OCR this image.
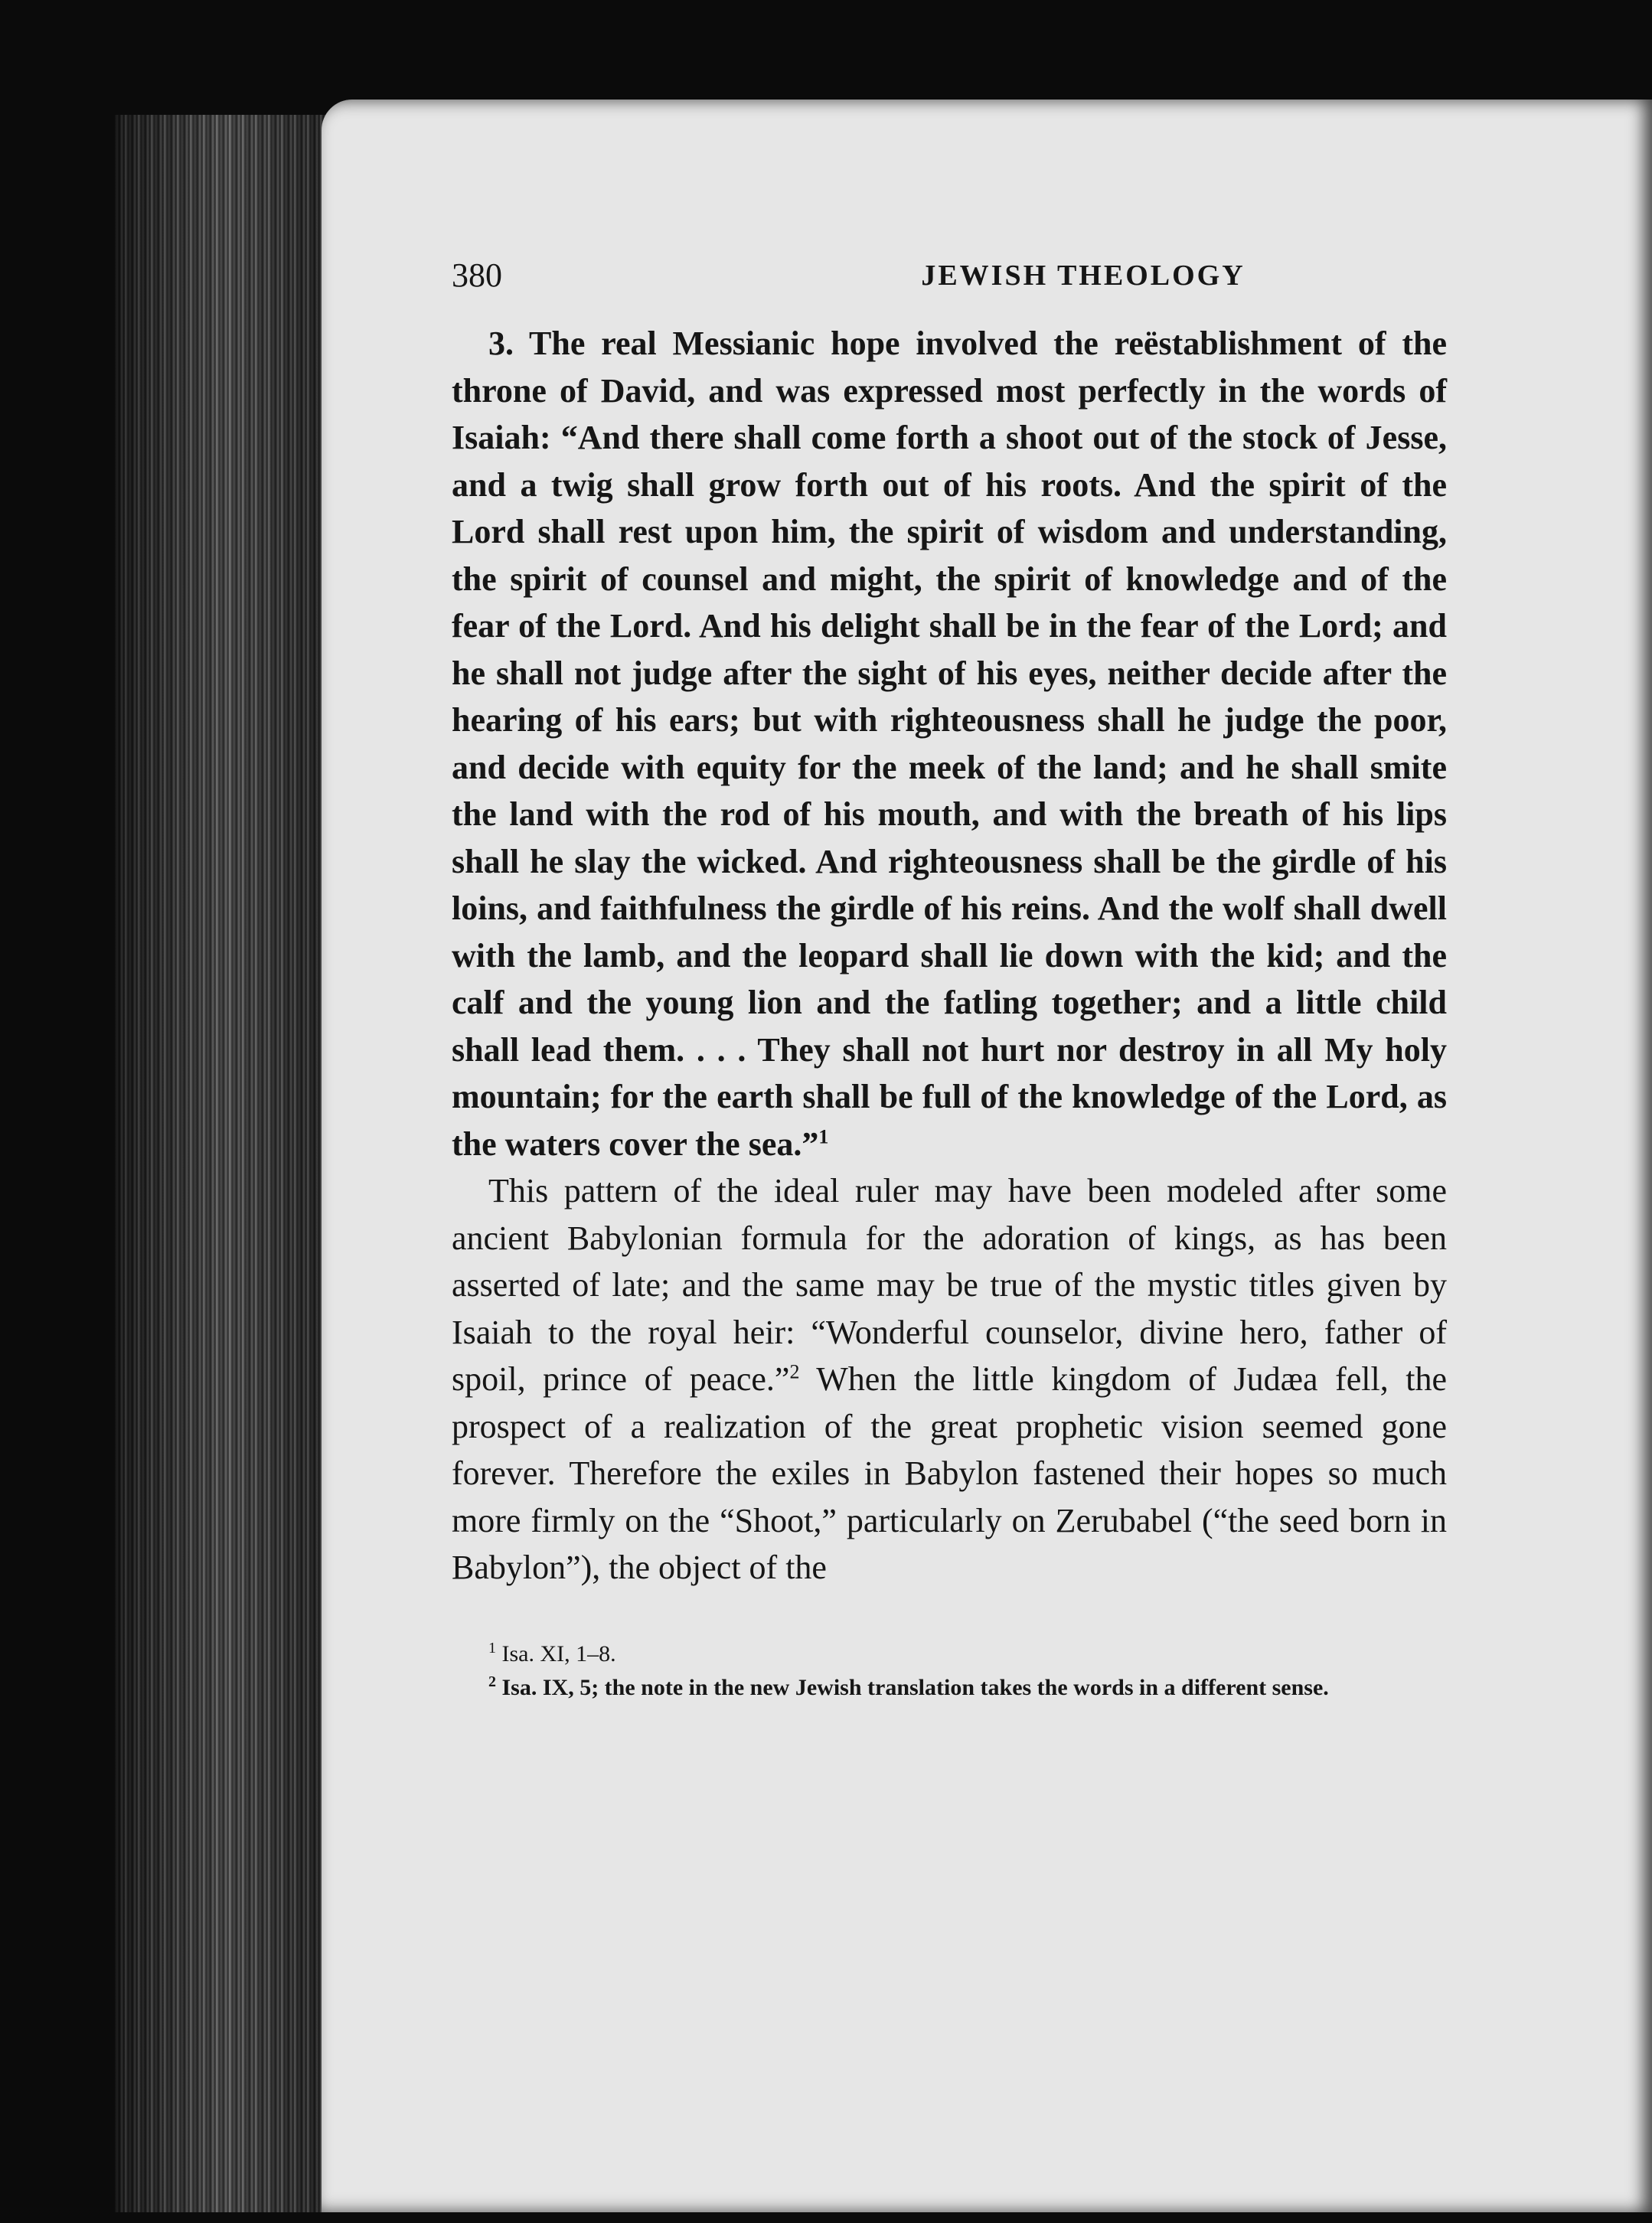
380	JEWISH THEOLOGY

3. The real Messianic hope involved the reëstablishment of the throne of David, and was expressed most perfectly in the words of Isaiah: “And there shall come forth a shoot out of the stock of Jesse, and a twig shall grow forth out of his roots. And the spirit of the Lord shall rest upon him, the spirit of wisdom and understanding, the spirit of counsel and might, the spirit of knowledge and of the fear of the Lord. And his delight shall be in the fear of the Lord; and he shall not judge after the sight of his eyes, neither decide after the hearing of his ears; but with righteousness shall he judge the poor, and decide with equity for the meek of the land; and he shall smite the land with the rod of his mouth, and with the breath of his lips shall he slay the wicked. And righteousness shall be the girdle of his loins, and faithfulness the girdle of his reins. And the wolf shall dwell with the lamb, and the leopard shall lie down with the kid; and the calf and the young lion and the fatling together; and a little child shall lead them. . . . They shall not hurt nor destroy in all My holy mountain; for the earth shall be full of the knowledge of the Lord, as the waters cover the sea.”$^1$

This pattern of the ideal ruler may have been modeled after some ancient Babylonian formula for the adoration of kings, as has been asserted of late; and the same may be true of the mystic titles given by Isaiah to the royal heir: “Wonderful counselor, divine hero, father of spoil, prince of peace.”$^2$ When the little kingdom of Judæa fell, the prospect of a realization of the great prophetic vision seemed gone forever. Therefore the exiles in Babylon fastened their hopes so much more firmly on the “Shoot,” particularly on Zerubabel (“the seed born in Babylon”), the object of the

$^1$ Isa. XI, 1–8.
$^2$ Isa. IX, 5; the note in the new Jewish translation takes the words in a different sense.
